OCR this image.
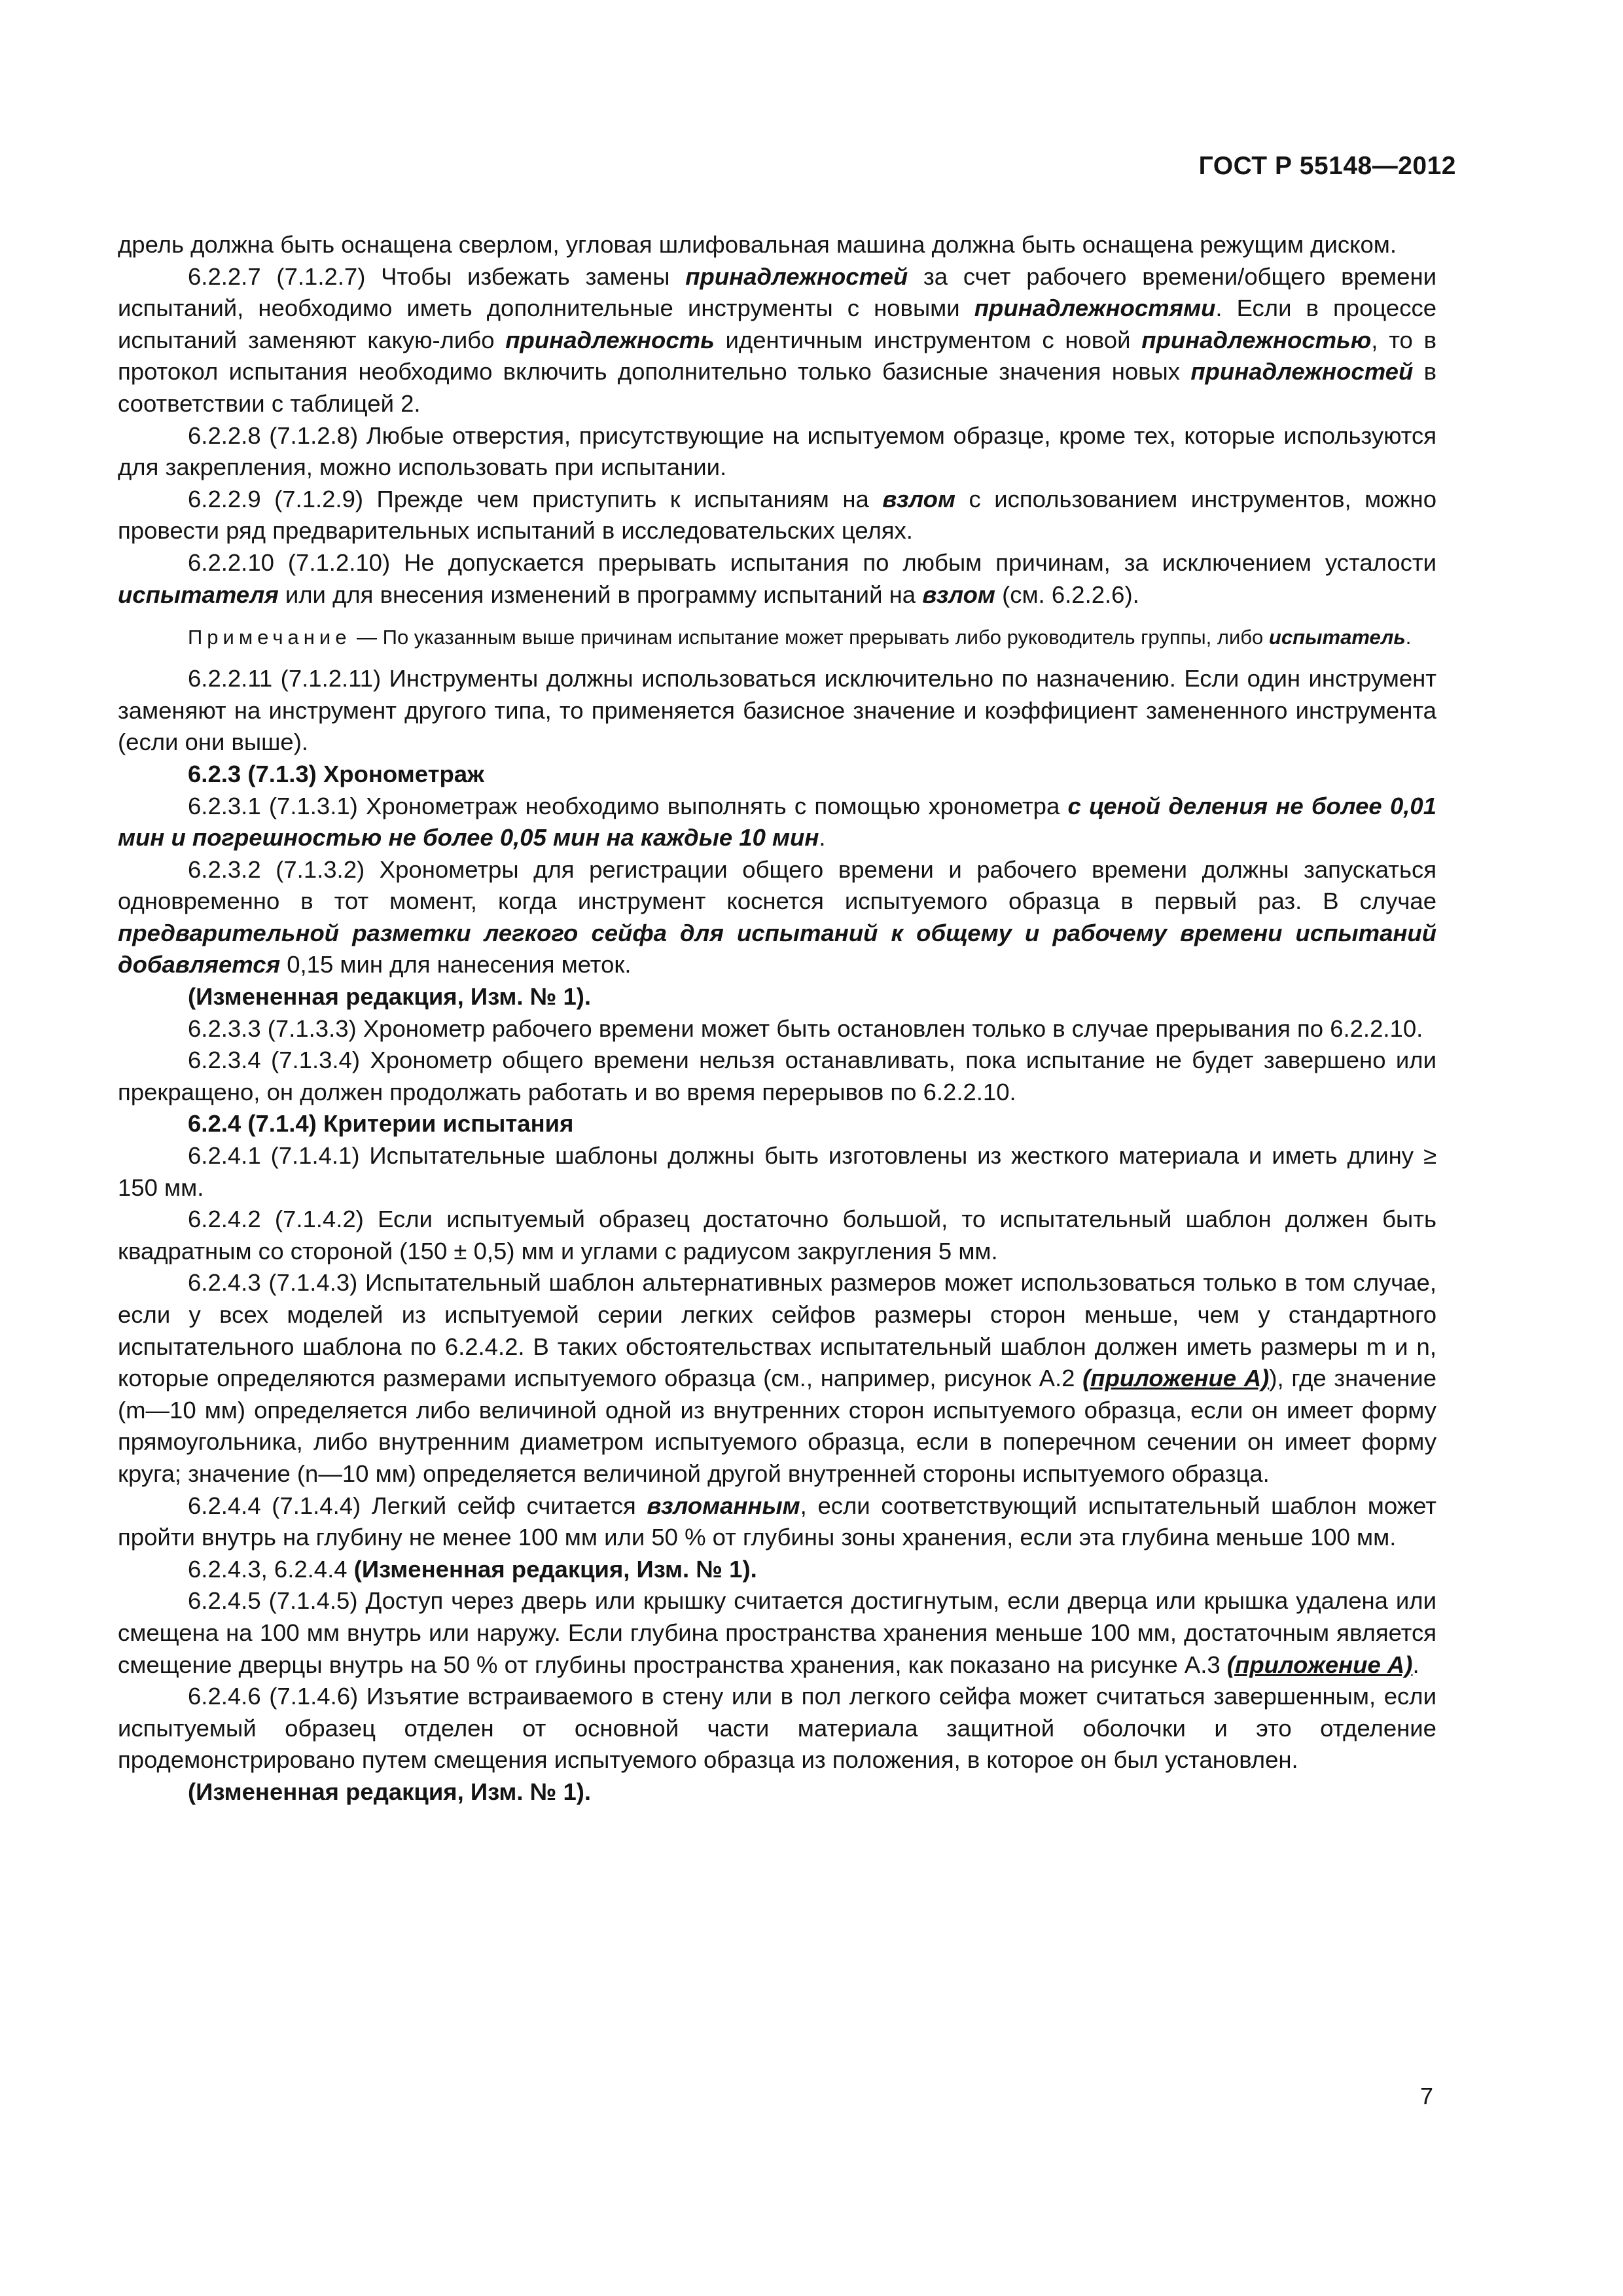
ГОСТ Р 55148—2012

дрель должна быть оснащена сверлом, угловая шлифовальная машина должна быть оснащена режущим диском.

6.2.2.7 (7.1.2.7) Чтобы избежать замены принадлежностей за счет рабочего времени/общего времени испытаний, необходимо иметь дополнительные инструменты с новыми принадлежностями. Если в процессе испытаний заменяют какую-либо принадлежность идентичным инструментом с новой принадлежностью, то в протокол испытания необходимо включить дополнительно только базисные значения новых принадлежностей в соответствии с таблицей 2.

6.2.2.8 (7.1.2.8) Любые отверстия, присутствующие на испытуемом образце, кроме тех, которые используются для закрепления, можно использовать при испытании.

6.2.2.9 (7.1.2.9) Прежде чем приступить к испытаниям на взлом с использованием инструментов, можно провести ряд предварительных испытаний в исследовательских целях.

6.2.2.10 (7.1.2.10) Не допускается прерывать испытания по любым причинам, за исключением усталости испытателя или для внесения изменений в программу испытаний на взлом (см. 6.2.2.6).

Примечание — По указанным выше причинам испытание может прерывать либо руководитель группы, либо испытатель.

6.2.2.11 (7.1.2.11) Инструменты должны использоваться исключительно по назначению. Если один инструмент заменяют на инструмент другого типа, то применяется базисное значение и коэффициент замененного инструмента (если они выше).

6.2.3 (7.1.3) Хронометраж

6.2.3.1 (7.1.3.1) Хронометраж необходимо выполнять с помощью хронометра с ценой деления не более 0,01 мин и погрешностью не более 0,05 мин на каждые 10 мин.

6.2.3.2 (7.1.3.2) Хронометры для регистрации общего времени и рабочего времени должны запускаться одновременно в тот момент, когда инструмент коснется испытуемого образца в первый раз. В случае предварительной разметки легкого сейфа для испытаний к общему и рабочему времени испытаний добавляется 0,15 мин для нанесения меток.

(Измененная редакция, Изм. № 1).

6.2.3.3 (7.1.3.3) Хронометр рабочего времени может быть остановлен только в случае прерывания по 6.2.2.10.

6.2.3.4 (7.1.3.4) Хронометр общего времени нельзя останавливать, пока испытание не будет завершено или прекращено, он должен продолжать работать и во время перерывов по 6.2.2.10.

6.2.4 (7.1.4) Критерии испытания

6.2.4.1 (7.1.4.1) Испытательные шаблоны должны быть изготовлены из жесткого материала и иметь длину ≥ 150 мм.

6.2.4.2 (7.1.4.2) Если испытуемый образец достаточно большой, то испытательный шаблон должен быть квадратным со стороной (150 ± 0,5) мм и углами с радиусом закругления 5 мм.

6.2.4.3 (7.1.4.3) Испытательный шаблон альтернативных размеров может использоваться только в том случае, если у всех моделей из испытуемой серии легких сейфов размеры сторон меньше, чем у стандартного испытательного шаблона по 6.2.4.2. В таких обстоятельствах испытательный шаблон должен иметь размеры m и n, которые определяются размерами испытуемого образца (см., например, рисунок А.2 (приложение А)), где значение (m—10 мм) определяется либо величиной одной из внутренних сторон испытуемого образца, если он имеет форму прямоугольника, либо внутренним диаметром испытуемого образца, если в поперечном сечении он имеет форму круга; значение (n—10 мм) определяется величиной другой внутренней стороны испытуемого образца.

6.2.4.4 (7.1.4.4) Легкий сейф считается взломанным, если соответствующий испытательный шаблон может пройти внутрь на глубину не менее 100 мм или 50 % от глубины зоны хранения, если эта глубина меньше 100 мм.

6.2.4.3, 6.2.4.4 (Измененная редакция, Изм. № 1).

6.2.4.5 (7.1.4.5) Доступ через дверь или крышку считается достигнутым, если дверца или крышка удалена или смещена на 100 мм внутрь или наружу. Если глубина пространства хранения меньше 100 мм, достаточным является смещение дверцы внутрь на 50 % от глубины пространства хранения, как показано на рисунке А.3 (приложение А).

6.2.4.6 (7.1.4.6) Изъятие встраиваемого в стену или в пол легкого сейфа может считаться завершенным, если испытуемый образец отделен от основной части материала защитной оболочки и это отделение продемонстрировано путем смещения испытуемого образца из положения, в которое он был установлен.

(Измененная редакция, Изм. № 1).

7
